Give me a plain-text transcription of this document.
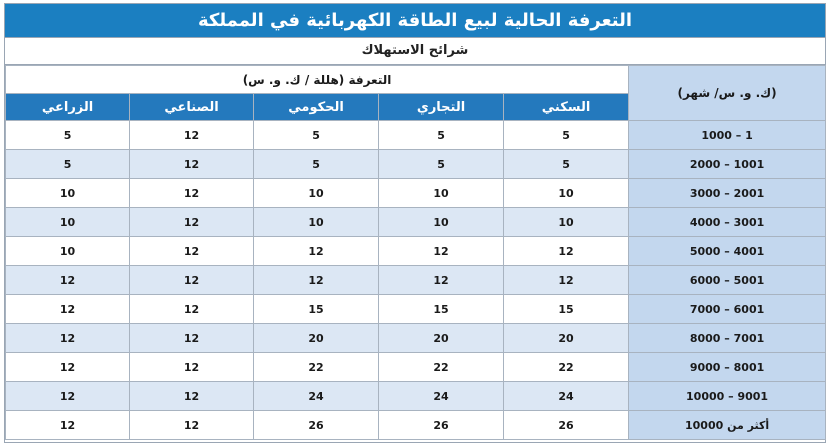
التعرفة الحالية لبيع الطاقة الكهربائية في المملكة
شرائح الاستهلاك
(ك. و. س/ شهر)	التعرفة (هللة / ك. و. س)				
	السكني	التجاري	الحكومي	الصناعي	الزراعي
1 – 1000	5	5	5	12	5
1001 – 2000	5	5	5	12	5
2001 – 3000	10	10	10	12	10
3001 – 4000	10	10	10	12	10
4001 – 5000	12	12	12	12	10
5001 – 6000	12	12	12	12	12
6001 – 7000	15	15	15	12	12
7001 – 8000	20	20	20	12	12
8001 – 9000	22	22	22	12	12
9001 – 10000	24	24	24	12	12
أكثر من 10000	26	26	26	12	12
